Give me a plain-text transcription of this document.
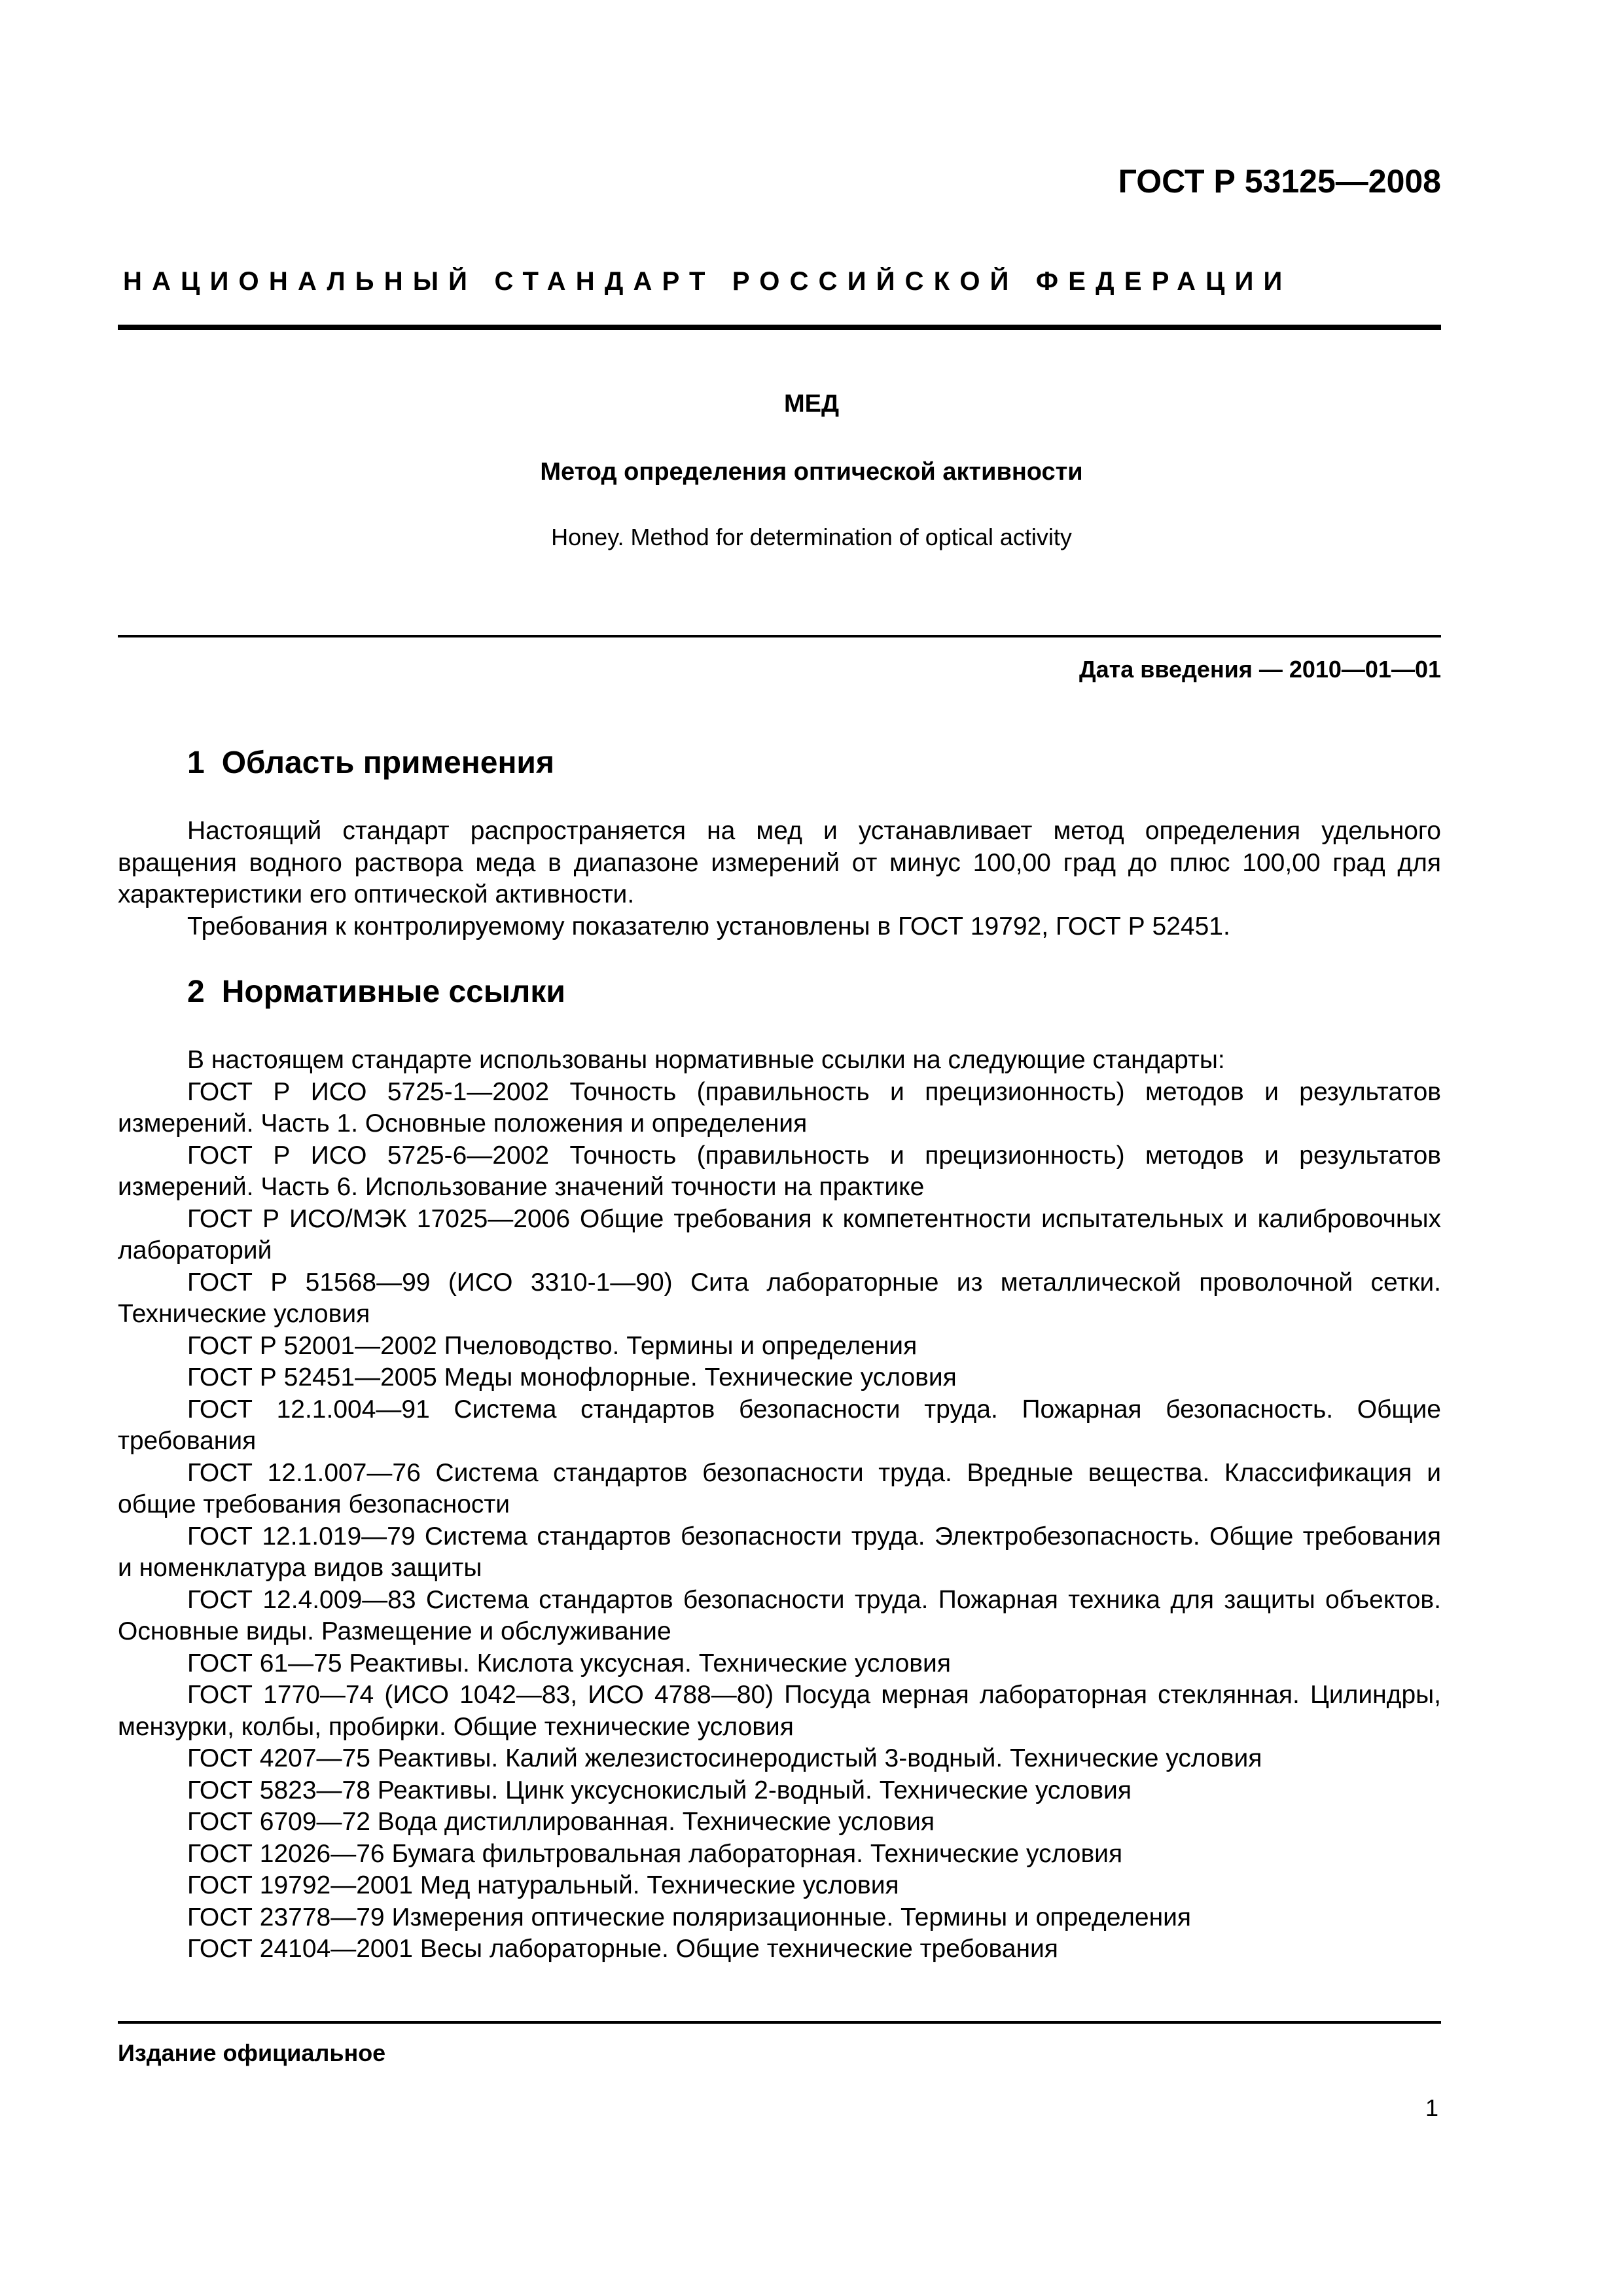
ГОСТ Р 53125—2008
НАЦИОНАЛЬНЫЙ СТАНДАРТ РОССИЙСКОЙ ФЕДЕРАЦИИ
МЕД
Метод определения оптической активности
Honey. Method for determination of optical activity
Дата введения — 2010—01—01
1 Область применения

Настоящий стандарт распространяется на мед и устанавливает метод определения удельного вращения водного раствора меда в диапазоне измерений от минус 100,00 град до плюс 100,00 град для характеристики его оптической активности.

Требования к контролируемому показателю установлены в ГОСТ 19792, ГОСТ Р 52451.

2 Нормативные ссылки

В настоящем стандарте использованы нормативные ссылки на следующие стандарты:

ГОСТ Р ИСО 5725-1—2002 Точность (правильность и прецизионность) методов и результатов измерений. Часть 1. Основные положения и определения

ГОСТ Р ИСО 5725-6—2002 Точность (правильность и прецизионность) методов и результатов измерений. Часть 6. Использование значений точности на практике

ГОСТ Р ИСО/МЭК 17025—2006 Общие требования к компетентности испытательных и калибровочных лабораторий

ГОСТ Р 51568—99 (ИСО 3310-1—90) Сита лабораторные из металлической проволочной сетки. Технические условия

ГОСТ Р 52001—2002 Пчеловодство. Термины и определения

ГОСТ Р 52451—2005 Меды монофлорные. Технические условия

ГОСТ 12.1.004—91 Система стандартов безопасности труда. Пожарная безопасность. Общие требования

ГОСТ 12.1.007—76 Система стандартов безопасности труда. Вредные вещества. Классификация и общие требования безопасности

ГОСТ 12.1.019—79 Система стандартов безопасности труда. Электробезопасность. Общие требования и номенклатура видов защиты

ГОСТ 12.4.009—83 Система стандартов безопасности труда. Пожарная техника для защиты объектов. Основные виды. Размещение и обслуживание

ГОСТ 61—75 Реактивы. Кислота уксусная. Технические условия

ГОСТ 1770—74 (ИСО 1042—83, ИСО 4788—80) Посуда мерная лабораторная стеклянная. Цилиндры, мензурки, колбы, пробирки. Общие технические условия

ГОСТ 4207—75 Реактивы. Калий железистосинеродистый 3-водный. Технические условия

ГОСТ 5823—78 Реактивы. Цинк уксуснокислый 2-водный. Технические условия

ГОСТ 6709—72 Вода дистиллированная. Технические условия

ГОСТ 12026—76 Бумага фильтровальная лабораторная. Технические условия

ГОСТ 19792—2001 Мед натуральный. Технические условия

ГОСТ 23778—79 Измерения оптические поляризационные. Термины и определения

ГОСТ 24104—2001 Весы лабораторные. Общие технические требования

Издание официальное
1
